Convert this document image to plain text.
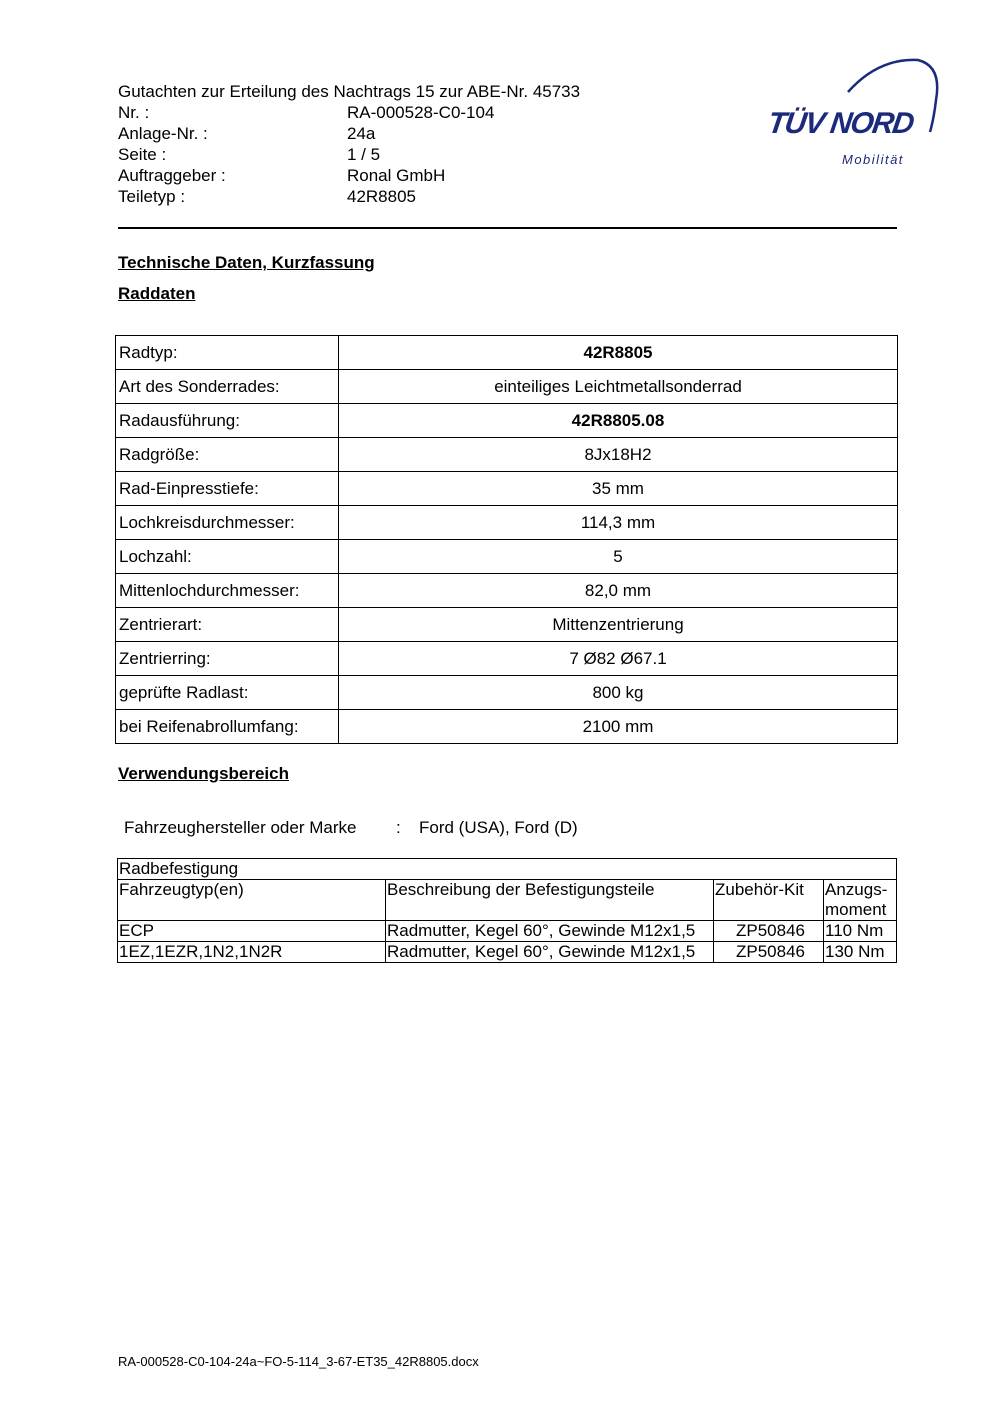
Gutachten zur Erteilung des Nachtrags 15 zur ABE-Nr. 45733
Nr. :	RA-000528-C0-104
Anlage-Nr. :	24a
Seite :	1 / 5
Auftraggeber :	Ronal GmbH
Teiletyp :	42R8805
TÜV NORD
Mobilität
Technische Daten, Kurzfassung
Raddaten
Radtyp:	42R8805
Art des Sonderrades:	einteiliges Leichtmetallsonderrad
Radausführung:	42R8805.08
Radgröße:	8Jx18H2
Rad-Einpresstiefe:	35 mm
Lochkreisdurchmesser:	114,3 mm
Lochzahl:	5
Mittenlochdurchmesser:	82,0 mm
Zentrierart:	Mittenzentrierung
Zentrierring:	7 Ø82 Ø67.1
geprüfte Radlast:	800 kg
bei Reifenabrollumfang:	2100 mm
Verwendungsbereich
Fahrzeughersteller oder Marke	:	Ford (USA), Ford (D)
Radbefestigung			
Fahrzeugtyp(en)	Beschreibung der Befestigungsteile	Zubehör-Kit	Anzugs-
moment
ECP	Radmutter, Kegel 60°, Gewinde M12x1,5	ZP50846	110 Nm
1EZ,1EZR,1N2,1N2R	Radmutter, Kegel 60°, Gewinde M12x1,5	ZP50846	130 Nm
RA-000528-C0-104-24a~FO-5-114_3-67-ET35_42R8805.docx
